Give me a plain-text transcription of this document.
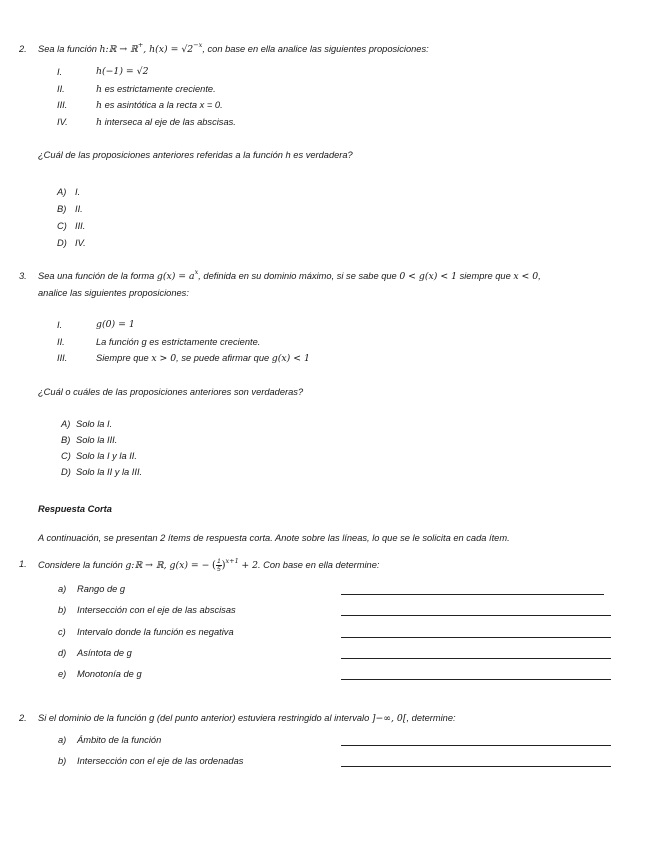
2. Sea la función h:ℝ → ℝ+, $h(x) = √2^{-x}$, con base en ella analice las siguientes proposiciones:
I.	h(−1) = √2
II.	h es estrictamente creciente.
III.	h es asintótica a la recta x = 0.
IV.	h interseca al eje de las abscisas.
¿Cuál de las proposiciones anteriores referidas a la función h es verdadera?
A) I.
B) II.
C) III.
D) IV.
3. Sea una función de la forma $g(x) = a^x$, definida en su dominio máximo, si se sabe que 0 < g(x) < 1 siempre que x < 0,
analice las siguientes proposiciones:
I.	g(0) = 1
II.	La función g es estrictamente creciente.
III.	Siempre que x > 0, se puede afirmar que g(x) < 1
¿Cuál o cuáles de las proposiciones anteriores son verdaderas?
A) Solo la I.
B) Solo la III.
C) Solo la I y la II.
D) Solo la II y la III.
Respuesta Corta
A continuación, se presentan 2 ítems de respuesta corta. Anote sobre las líneas, lo que se le solicita en cada ítem.
1. Considere la función g:ℝ → ℝ, g(x) = − ( $\frac{1}{5} )^{x+1} + 2$. Con base en ella determine:
a) Rango de g
b) Intersección con el eje de las abscisas
c) Intervalo donde la función es negativa
d) Asíntota de g
e) Monotonía de g
2. Si el dominio de la función g (del punto anterior) estuviera restringido al intervalo ]−∞, 0[, determine:
a) Ámbito de la función
b) Intersección con el eje de las ordenadas
